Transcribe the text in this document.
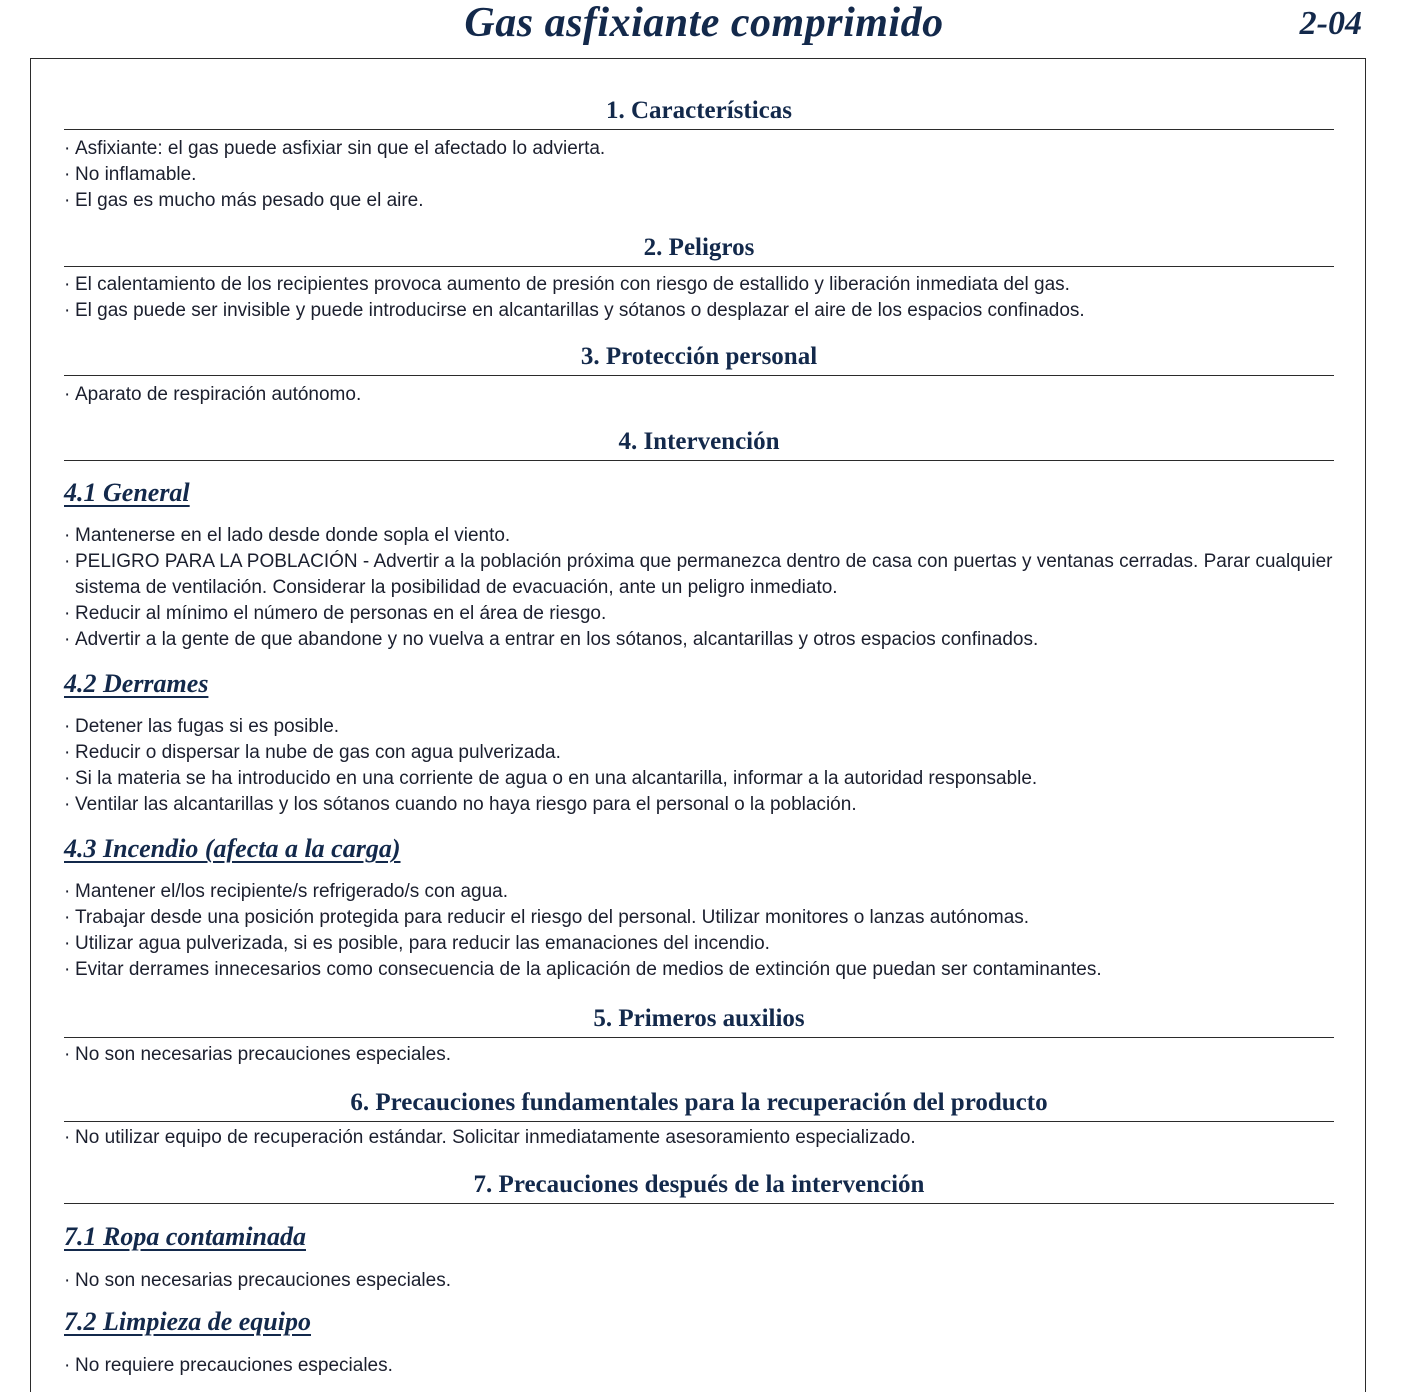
Gas asfixiante comprimido	2-04
1. Características
· Asfixiante: el gas puede asfixiar sin que el afectado lo advierta.
· No inflamable.
· El gas es mucho más pesado que el aire.
2. Peligros
· El calentamiento de los recipientes provoca aumento de presión con riesgo de estallido y liberación inmediata del gas.
· El gas puede ser invisible y puede introducirse en alcantarillas y sótanos o desplazar el aire de los espacios confinados.
3. Protección personal
· Aparato de respiración autónomo.
4. Intervención
4.1 General
· Mantenerse en el lado desde donde sopla el viento.
· PELIGRO PARA LA POBLACIÓN - Advertir a la población próxima que permanezca dentro de casa con puertas y ventanas cerradas. Parar cualquier sistema de ventilación. Considerar la posibilidad de evacuación, ante un peligro inmediato.
· Reducir al mínimo el número de personas en el área de riesgo.
· Advertir a la gente de que abandone y no vuelva a entrar en los sótanos, alcantarillas y otros espacios confinados.
4.2 Derrames
· Detener las fugas si es posible.
· Reducir o dispersar la nube de gas con agua pulverizada.
· Si la materia se ha introducido en una corriente de agua o en una alcantarilla, informar a la autoridad responsable.
· Ventilar las alcantarillas y los sótanos cuando no haya riesgo para el personal o la población.
4.3 Incendio (afecta a la carga)
· Mantener el/los recipiente/s refrigerado/s con agua.
· Trabajar desde una posición protegida para reducir el riesgo del personal. Utilizar monitores o lanzas autónomas.
· Utilizar agua pulverizada, si es posible, para reducir las emanaciones del incendio.
· Evitar derrames innecesarios como consecuencia de la aplicación de medios de extinción que puedan ser contaminantes.
5. Primeros auxilios
· No son necesarias precauciones especiales.
6. Precauciones fundamentales para la recuperación del producto
· No utilizar equipo de recuperación estándar. Solicitar inmediatamente asesoramiento especializado.
7. Precauciones después de la intervención
7.1 Ropa contaminada
· No son necesarias precauciones especiales.
7.2 Limpieza de equipo
· No requiere precauciones especiales.
